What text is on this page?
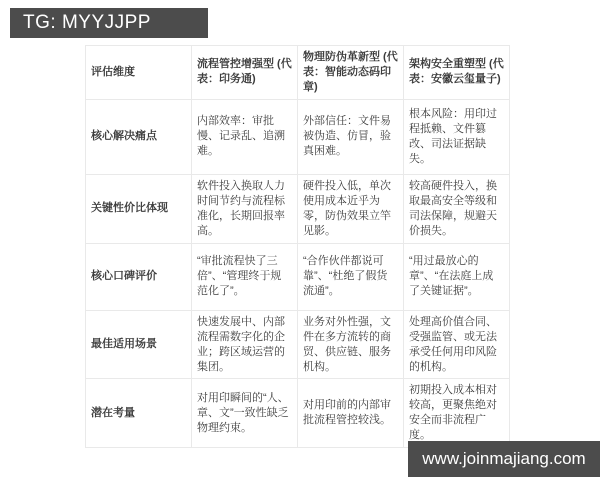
TG: MYYJJPP
评估维度	流程管控增强型 (代表：印务通)	物理防伪革新型 (代表：智能动态码印章)	架构安全重塑型 (代表：安徽云玺量子)
核心解决痛点	内部效率：审批慢、记录乱、追溯难。	外部信任：文件易被伪造、仿冒，验真困难。	根本风险：用印过程抵赖、文件篡改、司法证据缺失。
关键性价比体现	软件投入换取人力时间节约与流程标准化，长期回报率高。	硬件投入低，单次使用成本近乎为零，防伪效果立竿见影。	较高硬件投入，换取最高安全等级和司法保障，规避天价损失。
核心口碑评价	“审批流程快了三倍”、“管理终于规范化了”。	“合作伙伴都说可靠”、“杜绝了假货流通”。	“用过最放心的章”、“在法庭上成了关键证据”。
最佳适用场景	快速发展中、内部流程需数字化的企业；跨区域运营的集团。	业务对外性强，文件在多方流转的商贸、供应链、服务机构。	处理高价值合同、受强监管、或无法承受任何用印风险的机构。
潜在考量	对用印瞬间的“人、章、文”一致性缺乏物理约束。	对用印前的内部审批流程管控较浅。	初期投入成本相对较高，更聚焦绝对安全而非流程广度。
www.joinmajiang.com
